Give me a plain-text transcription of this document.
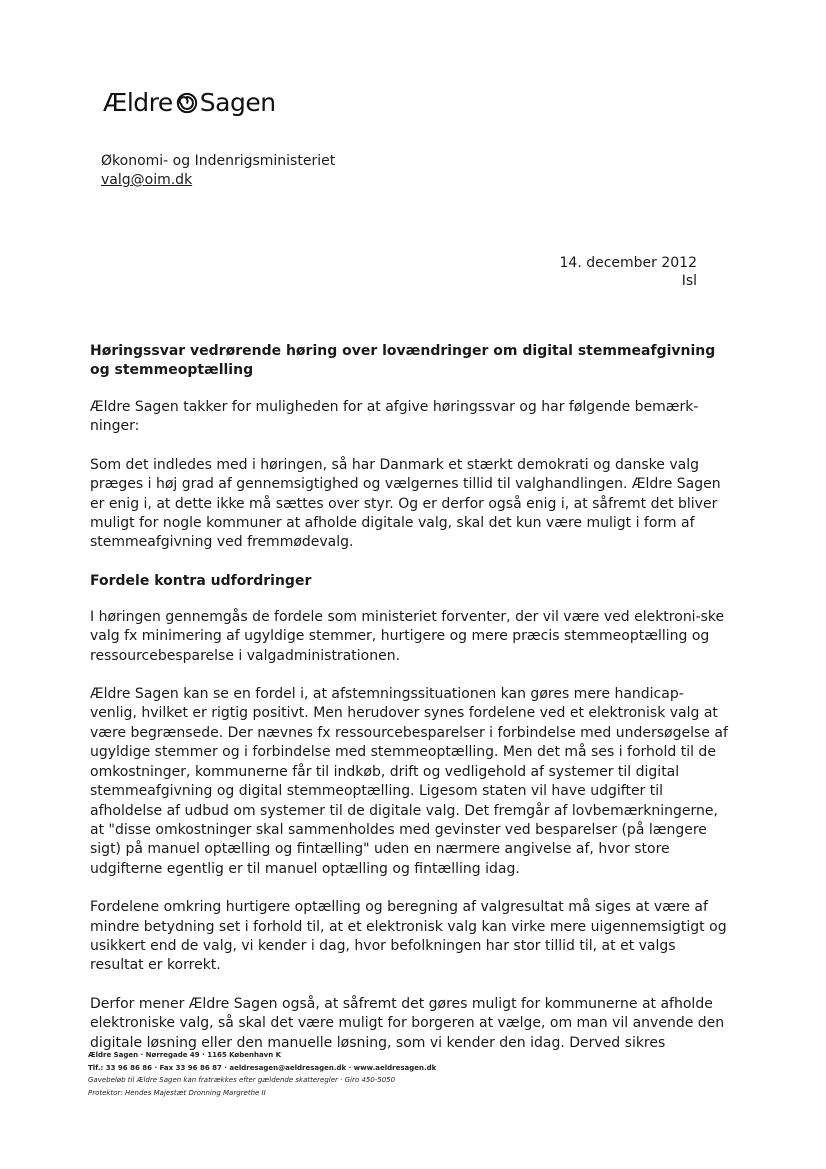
Ældre Sagen
Økonomi- og Indenrigsministeriet
valg@oim.dk
14. december 2012
Isl
Høringssvar vedrørende høring over lovændringer om digital stemmeafgivning og stemmeoptælling

Ældre Sagen takker for muligheden for at afgive høringssvar og har følgende bemærk-ninger:

Som det indledes med i høringen, så har Danmark et stærkt demokrati og danske valg præges i høj grad af gennemsigtighed og vælgernes tillid til valghandlingen. Ældre Sagen er enig i, at dette ikke må sættes over styr. Og er derfor også enig i, at såfremt det bliver muligt for nogle kommuner at afholde digitale valg, skal det kun være muligt i form af stemmeafgivning ved fremmødevalg.

Fordele kontra udfordringer

I høringen gennemgås de fordele som ministeriet forventer, der vil være ved elektroni-ske valg fx minimering af ugyldige stemmer, hurtigere og mere præcis stemmeoptælling og ressourcebesparelse i valgadministrationen.

Ældre Sagen kan se en fordel i, at afstemningssituationen kan gøres mere handicap-venlig, hvilket er rigtig positivt. Men herudover synes fordelene ved et elektronisk valg at være begrænsede. Der nævnes fx ressourcebesparelser i forbindelse med undersøgelse af ugyldige stemmer og i forbindelse med stemmeoptælling. Men det må ses i forhold til de omkostninger, kommunerne får til indkøb, drift og vedligehold af systemer til digital stemmeafgivning og digital stemmeoptælling. Ligesom staten vil have udgifter til afholdelse af udbud om systemer til de digitale valg. Det fremgår af lovbemærkningerne, at "disse omkostninger skal sammenholdes med gevinster ved besparelser (på længere sigt) på manuel optælling og fintælling" uden en nærmere angivelse af, hvor store udgifterne egentlig er til manuel optælling og fintælling idag.

Fordelene omkring hurtigere optælling og beregning af valgresultat må siges at være af mindre betydning set i forhold til, at et elektronisk valg kan virke mere uigennemsigtigt og usikkert end de valg, vi kender i dag, hvor befolkningen har stor tillid til, at et valgs resultat er korrekt.

Derfor mener Ældre Sagen også, at såfremt det gøres muligt for kommunerne at afholde elektroniske valg, så skal det være muligt for borgeren at vælge, om man vil anvende den digitale løsning eller den manuelle løsning, som vi kender den idag. Derved sikres

Ældre Sagen · Nørregade 49 · 1165 København K
Tlf.: 33 96 86 86 · Fax 33 96 86 87 · aeldresagen@aeldresagen.dk · www.aeldresagen.dk
Gavebeløb til Ældre Sagen kan fratrækkes efter gældende skatteregler · Giro 450-5050
Protektor: Hendes Majestæt Dronning Margrethe II
